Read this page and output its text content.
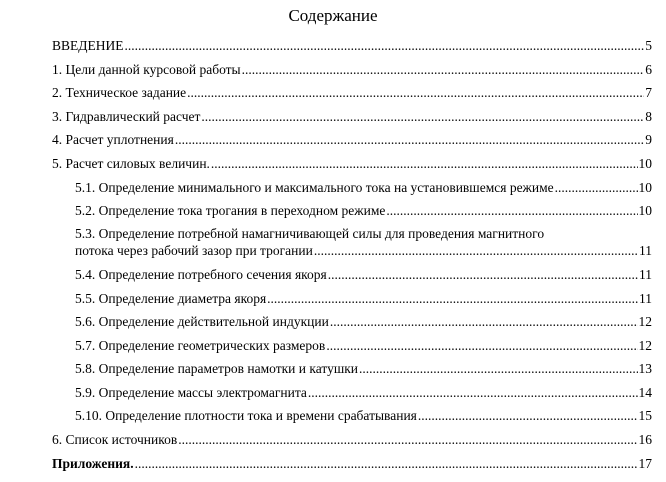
Содержание
ВВЕДЕНИЕ .....	5
1. Цели данной курсовой работы .....	6
2. Техническое задание .....	7
3. Гидравлический расчет .....	8
4. Расчет уплотнения .....	9
5. Расчет силовых величин. .....	10
5.1. Определение минимального и максимального тока на установившемся режиме .....	10
5.2. Определение тока трогания в переходном режиме .....	10
5.3. Определение потребной намагничивающей силы для проведения магнитного
потока через рабочий зазор при трогании .....	11
5.4. Определение потребного сечения якоря .....	11
5.5. Определение диаметра якоря .....	11
5.6. Определение действительной индукции .....	12
5.7. Определение геометрических размеров .....	12
5.8. Определение параметров намотки и катушки .....	13
5.9. Определение массы электромагнита .....	14
5.10. Определение плотности тока и времени срабатывания .....	15
6. Список источников .....	16
Приложения. .....	17
